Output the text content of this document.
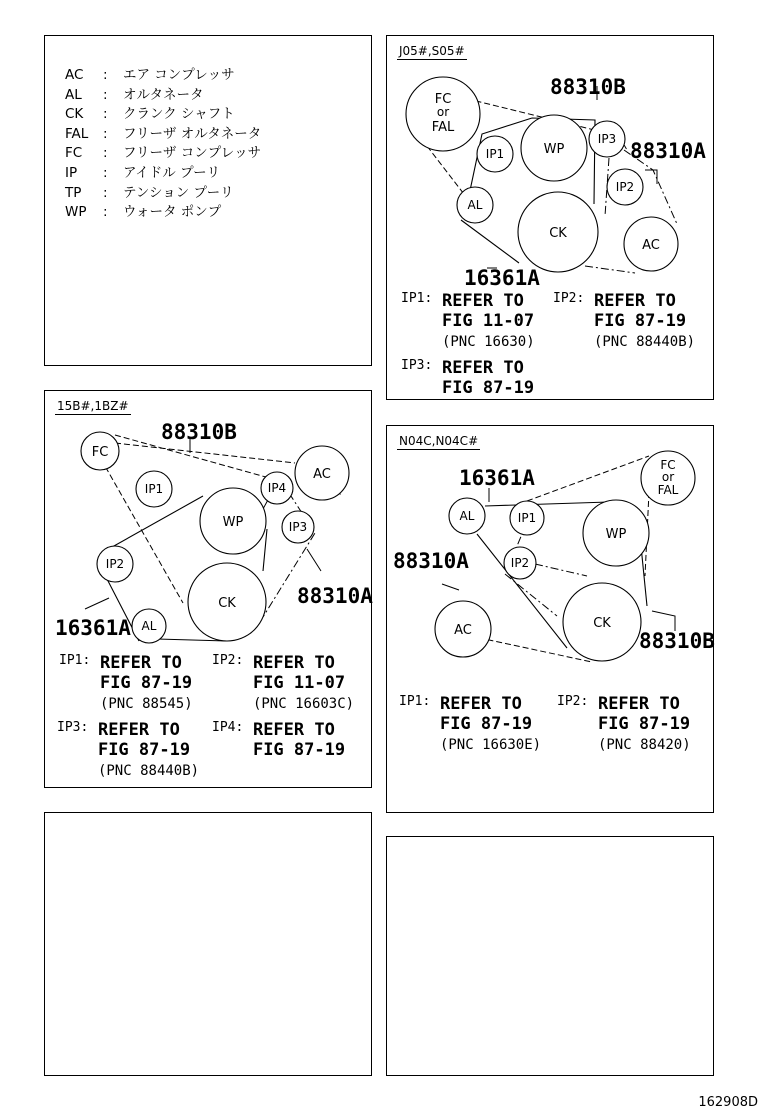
AC : エア コンプレッサ
AL : オルタネータ
CK : クランク シャフト
FAL : フリーザ オルタネータ
FC : フリーザ コンプレッサ
IP : アイドル プーリ
TP : テンション プーリ
WP : ウォータ ポンプ
J05#,S05#
FC
or
FAL
IP1	WP
IP3
IP2
AL
CK
AC
88310B
88310A
16361A
IP1: REFER TO
FIG 11-07
(PNC 16630)
IP2: REFER TO
FIG 87-19
(PNC 88440B)
IP3: REFER TO
FIG 87-19
15B#,1BZ#
FC
IP1	IP4
AC
WP	IP3
IP2
CK
AL
88310B
88310A
16361A
IP1: REFER TO
FIG 87-19
(PNC 88545)
IP2: REFER TO
FIG 11-07
(PNC 16603C)
IP3: REFER TO
FIG 87-19
(PNC 88440B)
IP4: REFER TO
FIG 87-19
N04C,N04C#
FC
or
FAL
AL	IP1
WP
IP2
AC	CK
16361A
88310A
88310B
IP1: REFER TO
FIG 87-19
(PNC 16630E)
IP2: REFER TO
FIG 87-19
(PNC 88420)
162908D
